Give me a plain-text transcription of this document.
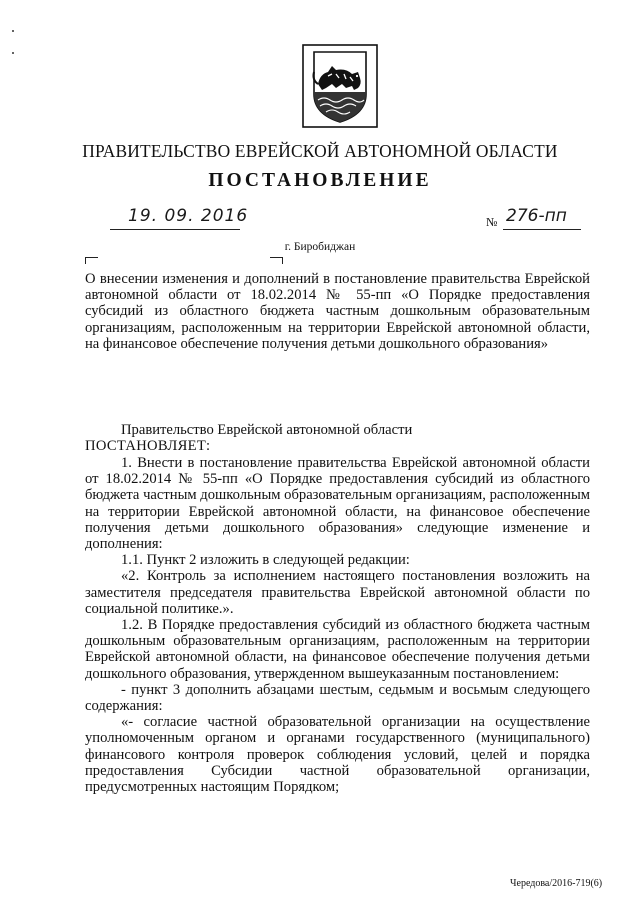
ПРАВИТЕЛЬСТВО ЕВРЕЙСКОЙ АВТОНОМНОЙ ОБЛАСТИ
ПОСТАНОВЛЕНИЕ
19. 09. 2016	№ 276-пп
г. Биробиджан
О внесении изменения и дополнений в постановление правительства Еврейской автономной области от 18.02.2014 № 55-пп «О Порядке предоставления субсидий из областного бюджета частным дошкольным образовательным организациям, расположенным на территории Еврейской автономной области, на финансовое обеспечение получения детьми дошкольного образования»
Правительство Еврейской автономной области
ПОСТАНОВЛЯЕТ:

1. Внести в постановление правительства Еврейской автономной области от 18.02.2014 № 55-пп «О Порядке предоставления субсидий из областного бюджета частным дошкольным образовательным организациям, расположенным на территории Еврейской автономной области, на финансовое обеспечение получения детьми дошкольного образования» следующие изменение и дополнения:

1.1. Пункт 2 изложить в следующей редакции:

«2. Контроль за исполнением настоящего постановления возложить на заместителя председателя правительства Еврейской автономной области по социальной политике.».

1.2. В Порядке предоставления субсидий из областного бюджета частным дошкольным образовательным организациям, расположенным на территории Еврейской автономной области, на финансовое обеспечение получения детьми дошкольного образования, утвержденном вышеуказанным постановлением:

- пункт 3 дополнить абзацами шестым, седьмым и восьмым следующего содержания:

«- согласие частной образовательной организации на осуществление уполномоченным органом и органами государственного (муниципального) финансового контроля проверок соблюдения условий, целей и порядка предоставления Субсидии частной образовательной организации, предусмотренных настоящим Порядком;

Чередова/2016-719(6)
